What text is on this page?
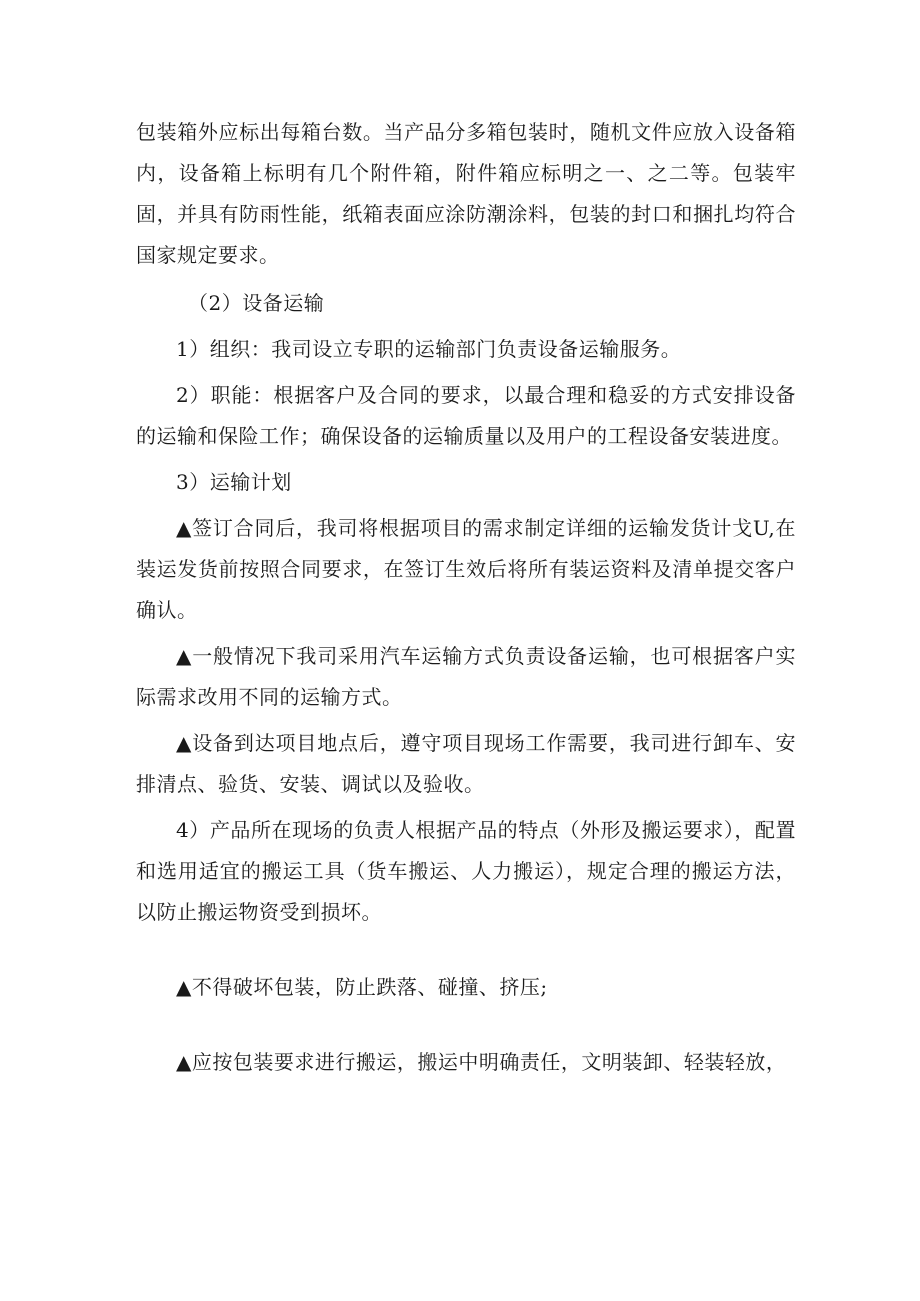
包装箱外应标出每箱台数。当产品分多箱包装时，随机文件应放入设备箱内，设备箱上标明有几个附件箱，附件箱应标明之一、之二等。包装牢固，并具有防雨性能，纸箱表面应涂防潮涂料，包装的封口和捆扎均符合国家规定要求。

（2）设备运输

1）组织：我司设立专职的运输部门负责设备运输服务。

2）职能：根据客户及合同的要求，以最合理和稳妥的方式安排设备的运输和保险工作；确保设备的运输质量以及用户的工程设备安装进度。

3）运输计划

▲签订合同后，我司将根据项目的需求制定详细的运输发货计戈U,在装运发货前按照合同要求，在签订生效后将所有装运资料及清单提交客户确认。

▲一般情况下我司采用汽车运输方式负责设备运输，也可根据客户实际需求改用不同的运输方式。

▲设备到达项目地点后，遵守项目现场工作需要，我司进行卸车、安排清点、验货、安装、调试以及验收。

4）产品所在现场的负责人根据产品的特点（外形及搬运要求），配置和选用适宜的搬运工具（货车搬运、人力搬运），规定合理的搬运方法，以防止搬运物资受到损坏。

▲不得破坏包装，防止跌落、碰撞、挤压;

▲应按包装要求进行搬运，搬运中明确责任，文明装卸、轻装轻放，
